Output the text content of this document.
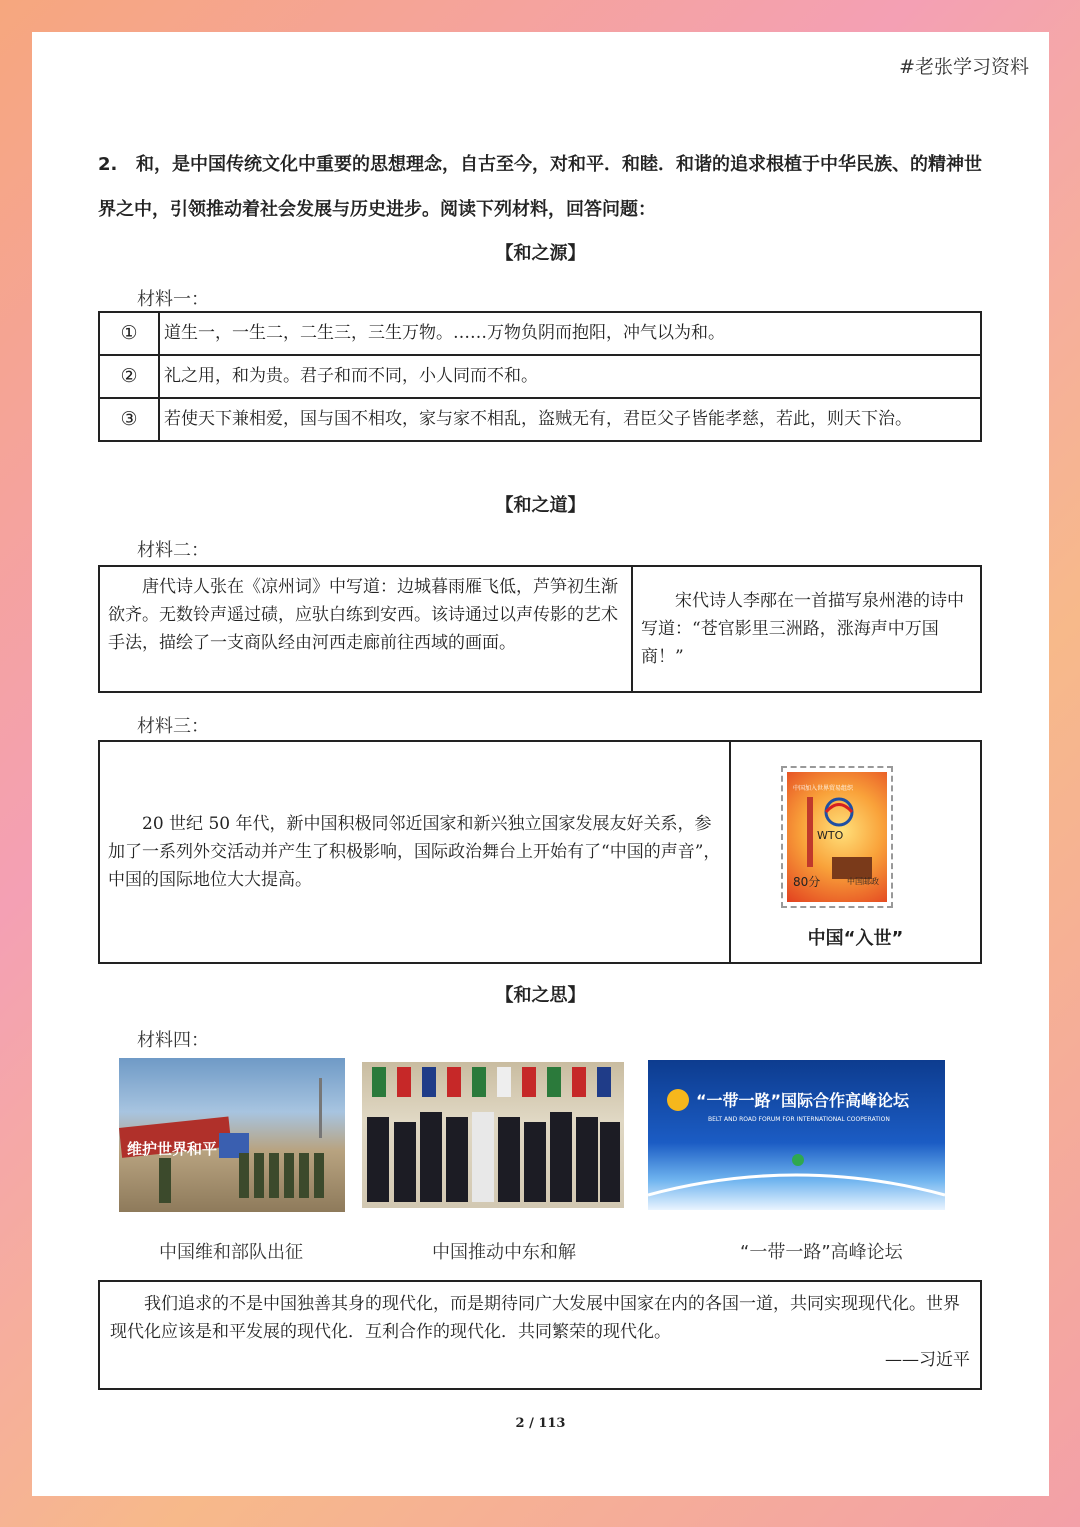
#老张学习资料
2. 和，是中国传统文化中重要的思想理念，自古至今，对和平．和睦．和谐的追求根植于中华民族、的精神世界之中，引领推动着社会发展与历史进步。阅读下列材料，回答问题：
【和之源】
材料一：
①	道生一，一生二，二生三，三生万物。……万物负阴而抱阳，冲气以为和。
②	礼之用，和为贵。君子和而不同，小人同而不和。
③	若使天下兼相爱，国与国不相攻，家与家不相乱，盗贼无有，君臣父子皆能孝慈，若此，则天下治。
【和之道】
材料二：
唐代诗人张在《凉州词》中写道：边城暮雨雁飞低，芦笋初生渐欲齐。无数铃声遥过碛，应驮白练到安西。该诗通过以声传影的艺术手法，描绘了一支商队经由河西走廊前往西域的画面。
宋代诗人李邴在一首描写泉州港的诗中写道：“苍官影里三洲路，涨海声中万国商！”
材料三：
20 世纪 50 年代，新中国积极同邻近国家和新兴独立国家发展友好关系，参加了一系列外交活动并产生了积极影响，国际政治舞台上开始有了“中国的声音”，中国的国际地位大大提高。
中国加入世界贸易组织
WTO
80分	中国邮政
中国“入世”
【和之思】
材料四：
维护世界和平
“一带一路”国际合作高峰论坛
BELT AND ROAD FORUM FOR INTERNATIONAL COOPERATION
中国维和部队出征	中国推动中东和解	“一带一路”高峰论坛
我们追求的不是中国独善其身的现代化，而是期待同广大发展中国家在内的各国一道，共同实现现代化。世界现代化应该是和平发展的现代化．互利合作的现代化．共同繁荣的现代化。
——习近平
2 / 113
